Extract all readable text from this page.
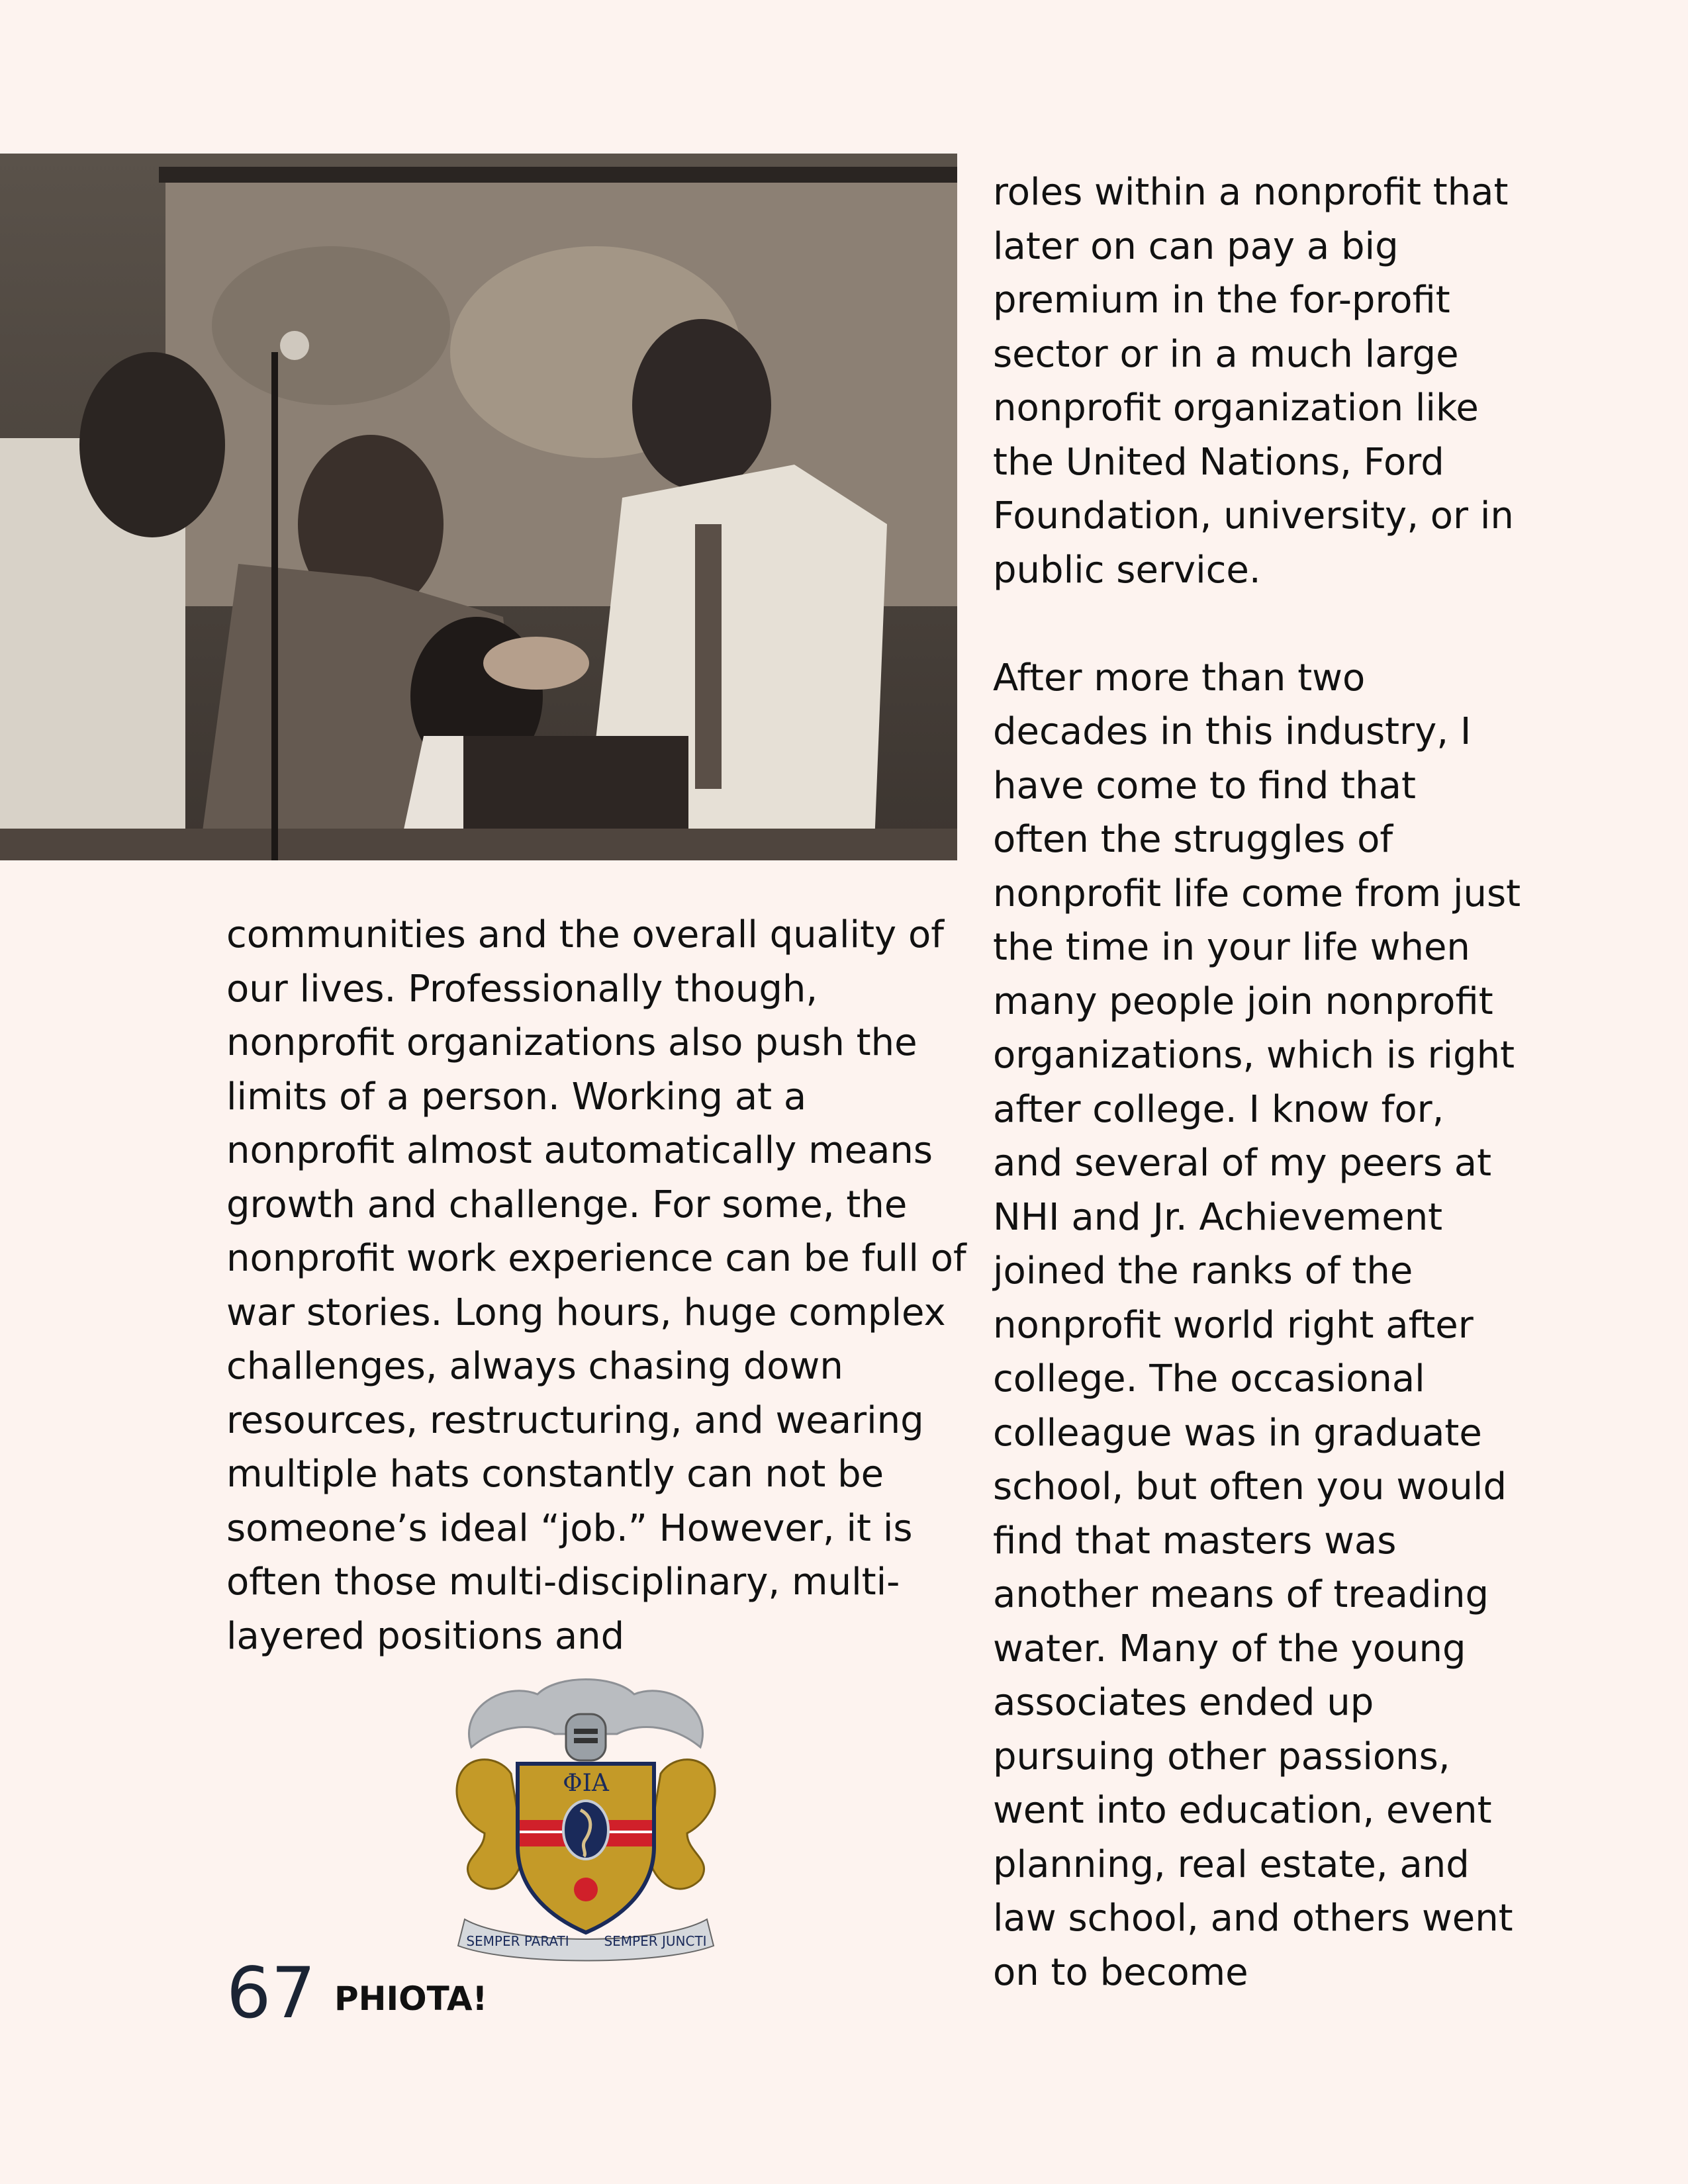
communities and the overall quality of our lives. Professionally though, nonprofit organizations also push the limits of a person. Working at a nonprofit almost automatically means growth and challenge. For some, the nonprofit work experience can be full of war stories. Long hours, huge complex challenges, always chasing down resources, restructuring, and wearing multiple hats constantly can not be someone’s ideal “job.” However, it is often those multi-disciplinary, multi-layered positions and

roles within a nonprofit that later on can pay a big premium in the for-profit sector or in a much large nonprofit organization like the United Nations, Ford Foundation, university, or in public service.

After more than two decades in this industry, I have come to find that often the struggles of nonprofit life come from just the time in your life when many people join nonprofit organizations, which is right after college. I know for, and several of my peers at NHI and Jr. Achievement joined the ranks of the nonprofit world right after college. The occasional colleague was in graduate school, but often you would find that masters was another means of treading water. Many of the young associates ended up pursuing other passions, went into education, event planning, real estate, and law school, and others went on to become

ΦΙΑ
SEMPER PARATI	SEMPER JUNCTI
67 PHIOTA!
